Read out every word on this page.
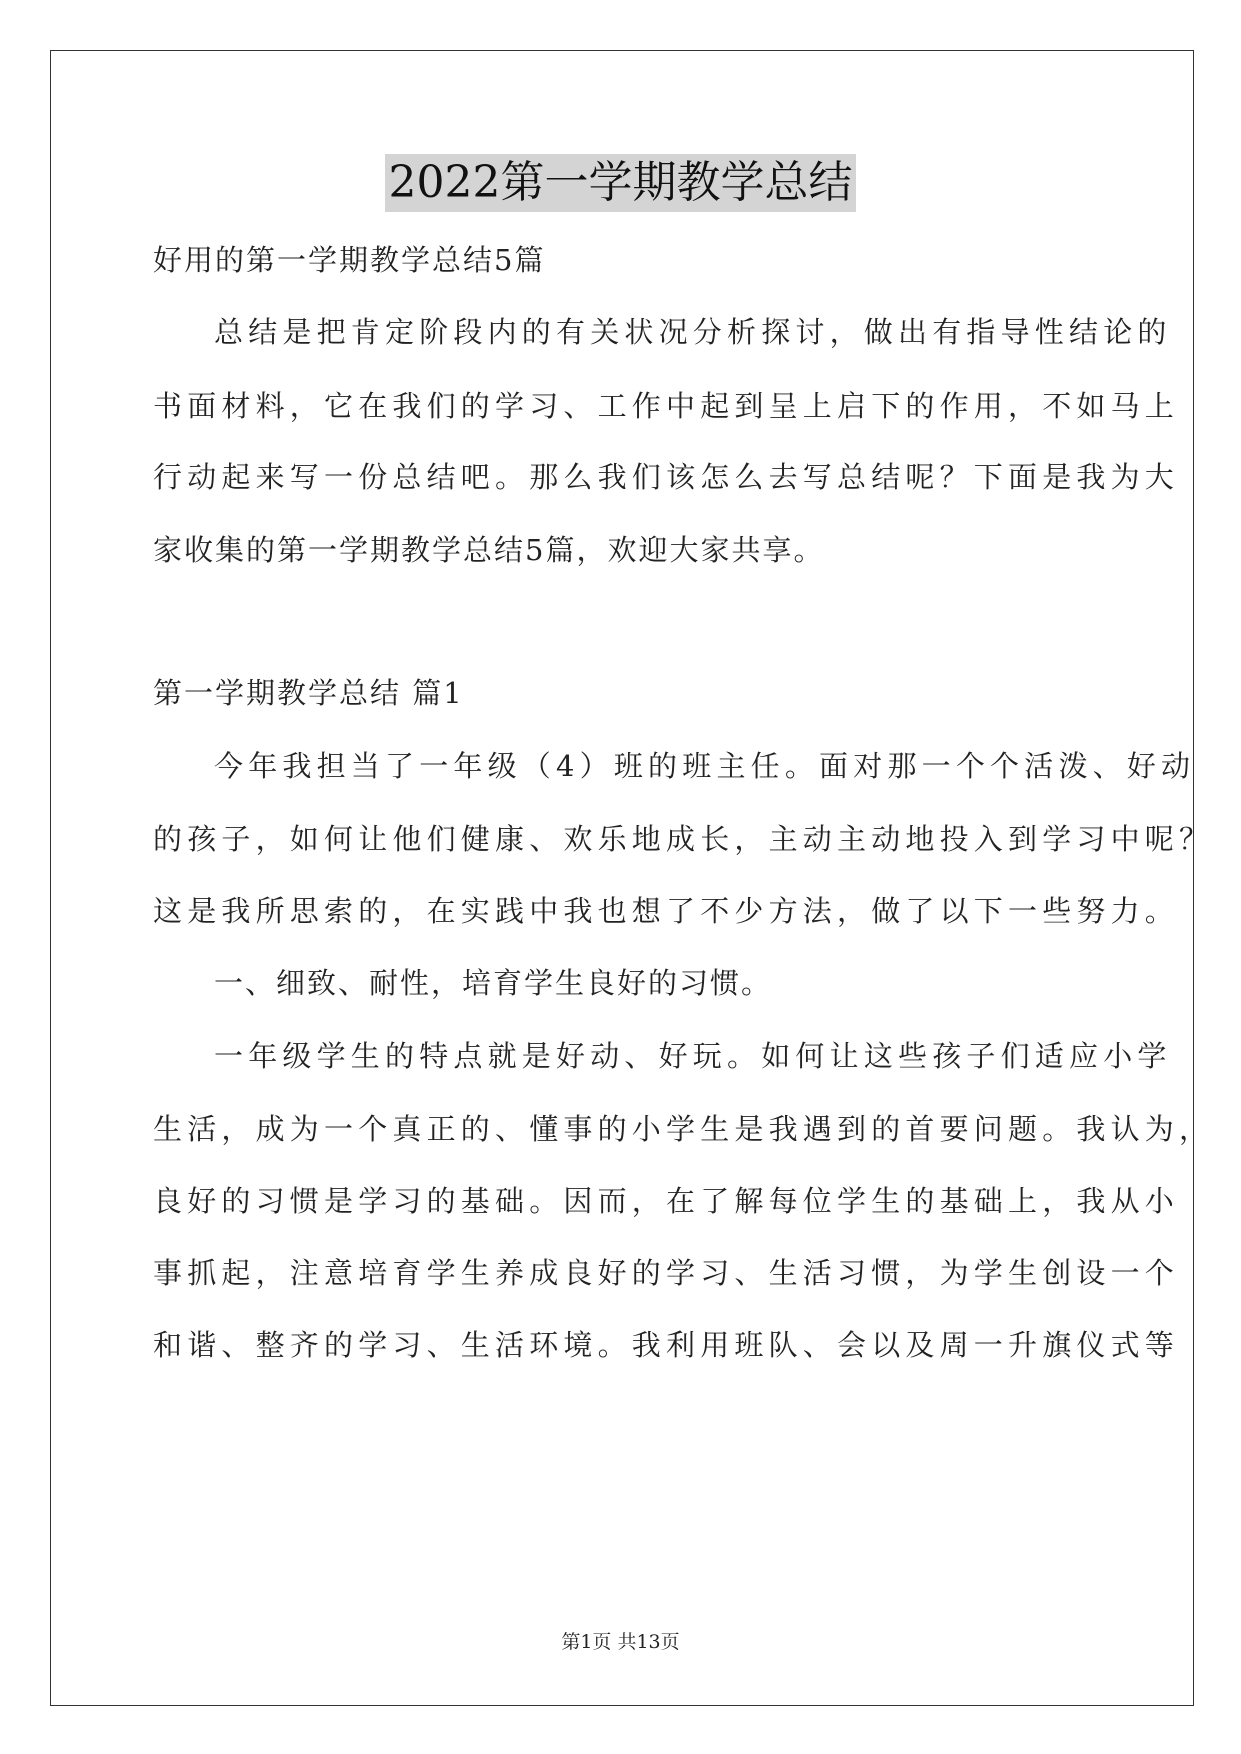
2022第一学期教学总结
好用的第一学期教学总结5篇
总结是把肯定阶段内的有关状况分析探讨，做出有指导性结论的
书面材料，它在我们的学习、工作中起到呈上启下的作用，不如马上
行动起来写一份总结吧。那么我们该怎么去写总结呢？下面是我为大
家收集的第一学期教学总结5篇，欢迎大家共享。
第一学期教学总结 篇1
今年我担当了一年级（4）班的班主任。面对那一个个活泼、好动
的孩子，如何让他们健康、欢乐地成长，主动主动地投入到学习中呢？
这是我所思索的，在实践中我也想了不少方法，做了以下一些努力。
一、细致、耐性，培育学生良好的习惯。
一年级学生的特点就是好动、好玩。如何让这些孩子们适应小学
生活，成为一个真正的、懂事的小学生是我遇到的首要问题。我认为，
良好的习惯是学习的基础。因而，在了解每位学生的基础上，我从小
事抓起，注意培育学生养成良好的学习、生活习惯，为学生创设一个
和谐、整齐的学习、生活环境。我利用班队、会以及周一升旗仪式等
第1页 共13页
